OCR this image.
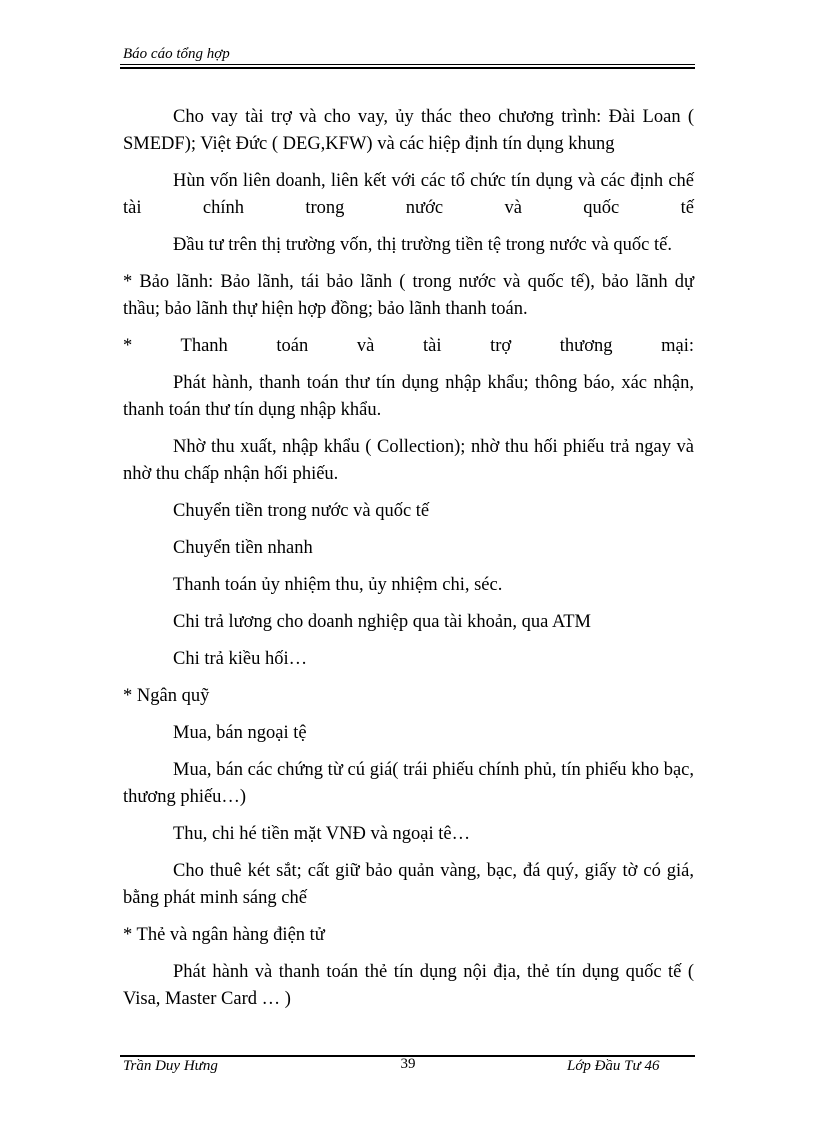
Báo cáo tổng hợp

Cho vay tài trợ và cho vay, ủy thác theo chương trình: Đài Loan ( SMEDF); Việt Đức ( DEG,KFW) và các hiệp định tín dụng khung

Hùn vốn liên doanh, liên kết với các tổ chức tín dụng và các định chế tài chính trong nước và quốc tế

Đầu tư trên thị trường vốn, thị trường tiền tệ trong nước và quốc tế.

* Bảo lãnh: Bảo lãnh, tái bảo lãnh ( trong nước và quốc tế), bảo lãnh dự thầu; bảo lãnh thự hiện hợp đồng; bảo lãnh thanh toán.

* Thanh toán và tài trợ thương mại:

Phát hành, thanh toán thư tín dụng nhập khẩu; thông báo, xác nhận, thanh toán thư tín dụng nhập khẩu.

Nhờ thu xuất, nhập khẩu ( Collection); nhờ thu hối phiếu trả ngay và nhờ thu chấp nhận hối phiếu.

Chuyển tiền trong nước và quốc tế

Chuyển tiền nhanh

Thanh toán ủy nhiệm thu, ủy nhiệm chi, séc.

Chi trả lương cho doanh nghiệp qua tài khoản, qua ATM

Chi trả kiều hối…

* Ngân quỹ

Mua, bán ngoại tệ

Mua, bán các chứng từ cú giá( trái phiếu chính phủ, tín phiếu kho bạc, thương phiếu…)

Thu, chi hé tiền mặt VNĐ và ngoại tê…

Cho thuê két sắt; cất giữ bảo quản vàng, bạc, đá quý, giấy tờ có giá, bằng phát minh sáng chế

* Thẻ và ngân hàng điện tử

Phát hành và thanh toán thẻ tín dụng nội địa, thẻ tín dụng quốc tế ( Visa, Master Card … )

Trần Duy Hưng	39	Lớp Đầu Tư 46
